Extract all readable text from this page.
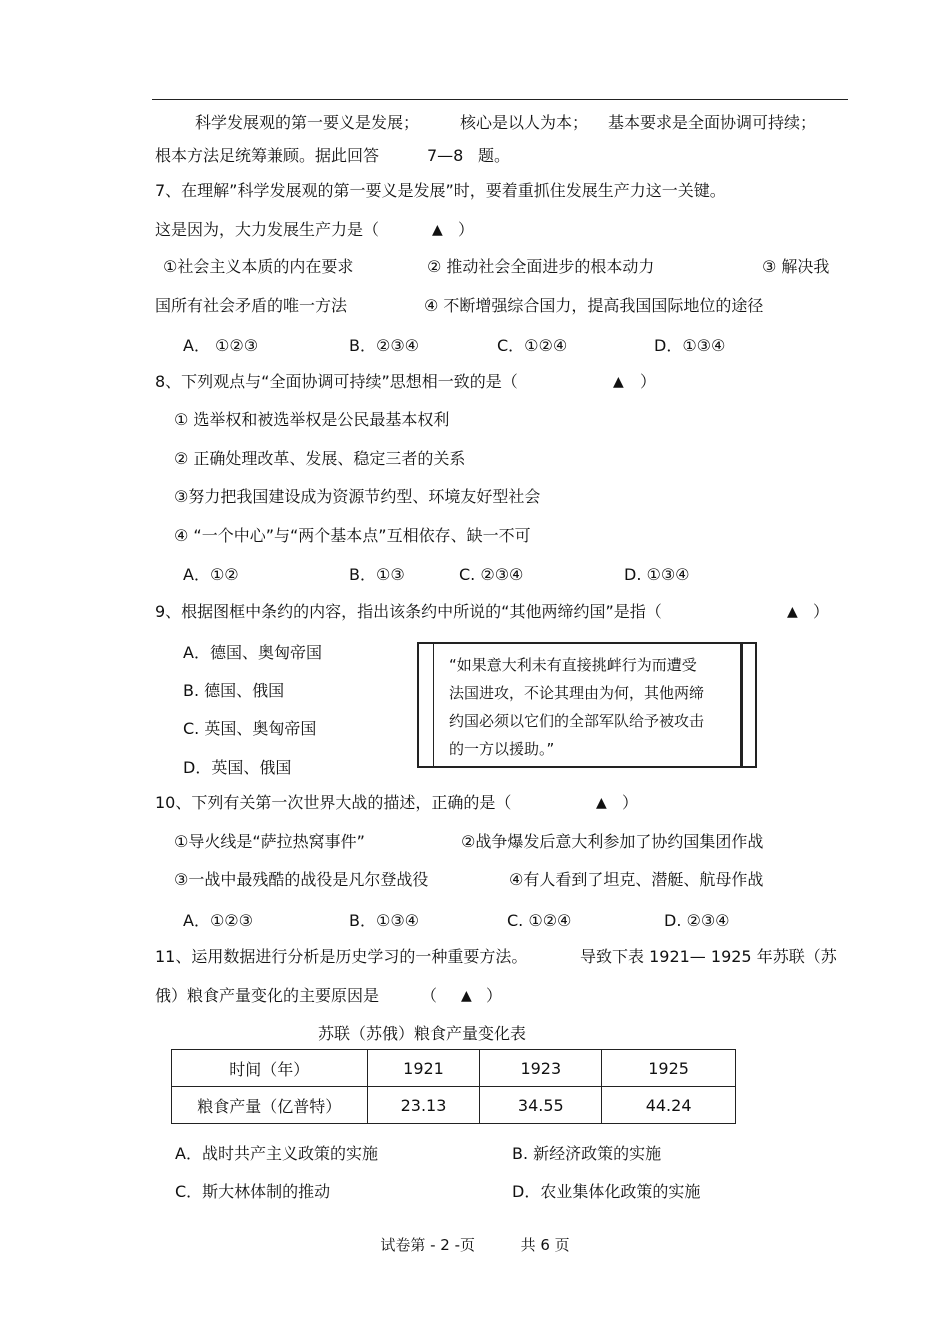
科学发展观的第一要义是发展；	核心是以人为本； 基本要求是全面协调可持续；
根本方法足统筹兼顾。据此回答	7—8 题。
7、在理解”科学发展观的第一要义是发展”时，要着重抓住发展生产力这一关键。
这是因为，大力发展生产力是（	▲ ）
①社会主义本质的内在要求	② 推动社会全面进步的根本动力	③ 解决我
国所有社会矛盾的唯一方法	④ 不断增强综合国力，提高我国国际地位的途径
A． ①②③	B．②③④	C．①②④	D．①③④
8、下列观点与“全面协调可持续”思想相一致的是（	▲ ）
① 选举权和被选举权是公民最基本权利
② 正确处理改革、发展、稳定三者的关系
③努力把我国建设成为资源节约型、环境友好型社会
④ “一个中心”与“两个基本点”互相依存、缺一不可
A．①②	B．①③	C. ②③④	D. ①③④
9、根据图框中条约的内容，指出该条约中所说的“其他两缔约国”是指（	▲ ）
A．德国、奥匈帝国
B. 德国、俄国
C. 英国、奥匈帝国
D．英国、俄国
“如果意大利未有直接挑衅行为而遭受
法国进攻，不论其理由为何，其他两缔
约国必须以它们的全部军队给予被攻击
的一方以援助。”
10、下列有关第一次世界大战的描述，正确的是（	▲ ）
①导火线是“萨拉热窝事件”	②战争爆发后意大利参加了协约国集团作战
③一战中最残酷的战役是凡尔登战役	④有人看到了坦克、潜艇、航母作战
A．①②③	B．①③④	C. ①②④	D. ②③④
11、运用数据进行分析是历史学习的一种重要方法。	导致下表 1921— 1925 年苏联（苏
俄）粮食产量变化的主要原因是	（ ▲ ）
苏联（苏俄）粮食产量变化表
时间（年）	1921	1923	1925
粮食产量（亿普特）	23.13	34.55	44.24
A．战时共产主义政策的实施	B. 新经济政策的实施
C．斯大林体制的推动	D．农业集体化政策的实施
试卷第 - 2 -页	共 6 页
